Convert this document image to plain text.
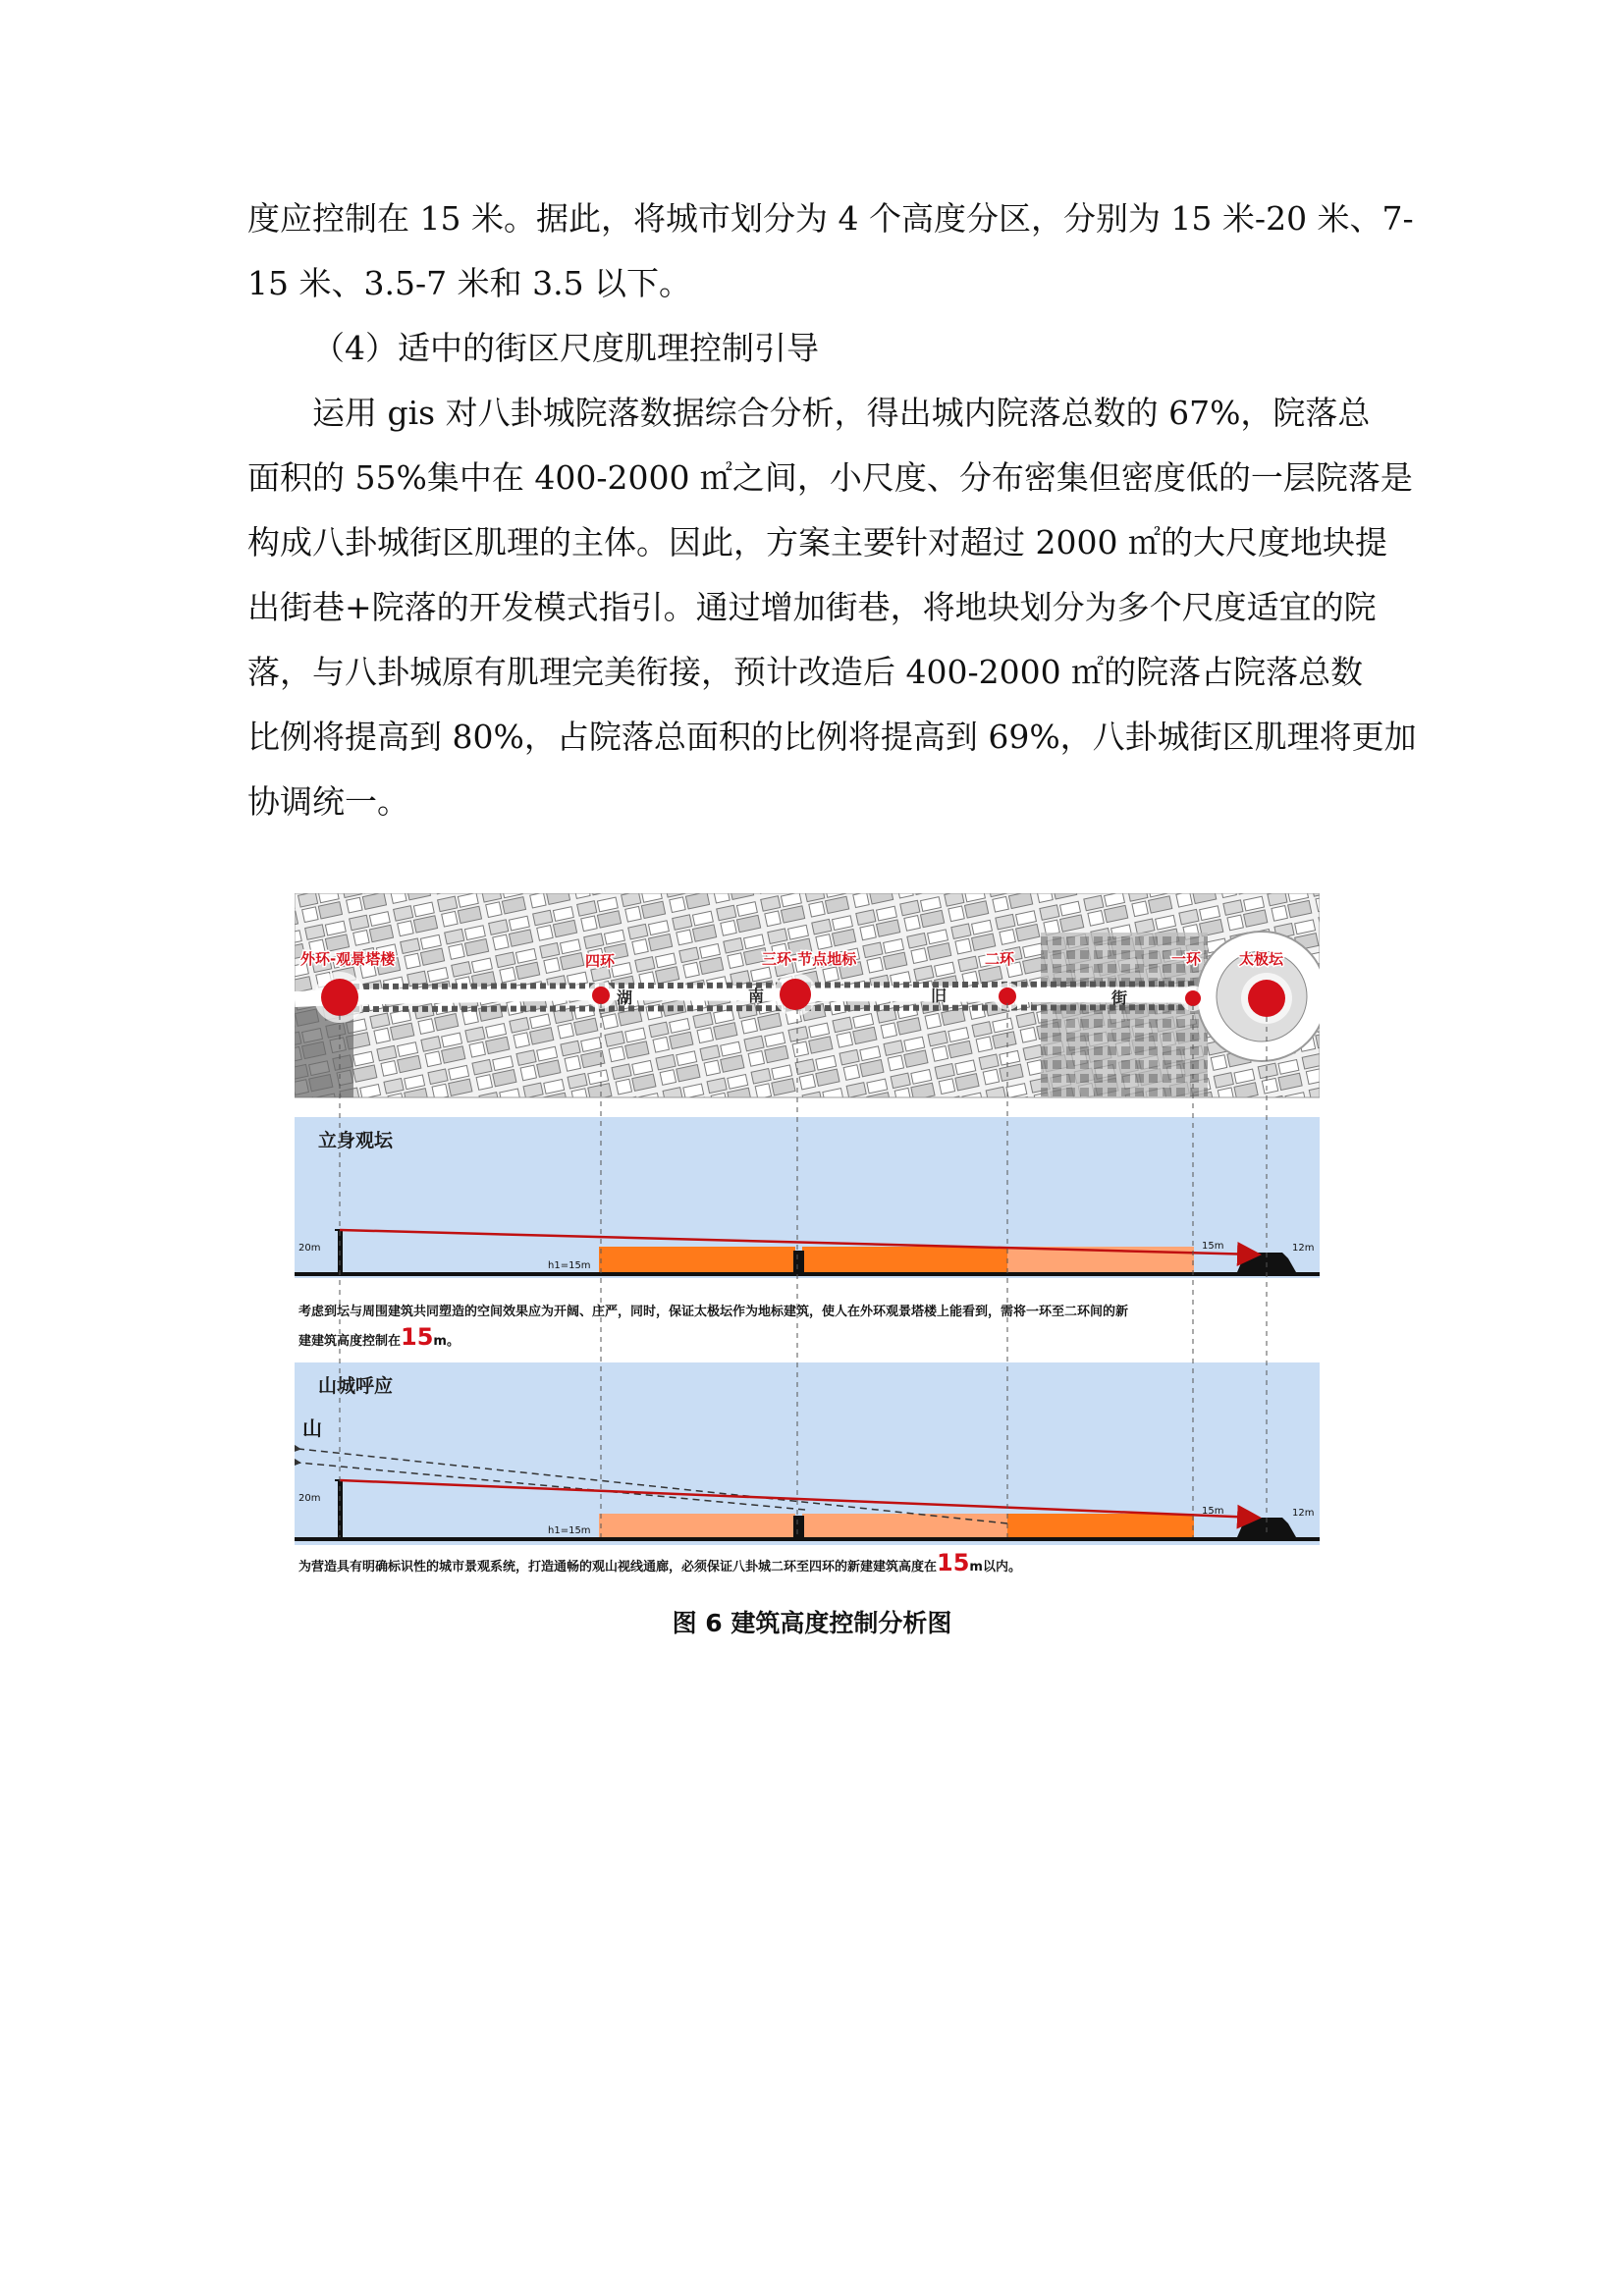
度应控制在 15 米。据此，将城市划分为 4 个高度分区，分别为 15 米-20 米、7-
15 米、3.5-7 米和 3.5 以下。
（4）适中的街区尺度肌理控制引导
运用 gis 对八卦城院落数据综合分析，得出城内院落总数的 67%，院落总
面积的 55%集中在 400-2000 ㎡之间，小尺度、分布密集但密度低的一层院落是
构成八卦城街区肌理的主体。因此，方案主要针对超过 2000 ㎡的大尺度地块提
出街巷+院落的开发模式指引。通过增加街巷，将地块划分为多个尺度适宜的院
落，与八卦城原有肌理完美衔接，预计改造后 400-2000 ㎡的院落占院落总数
比例将提高到 80%，占院落总面积的比例将提高到 69%，八卦城街区肌理将更加
协调统一。
外环-观景塔楼	四环	三环-节点地标	二环	一环	太极坛
湖	南	旧	街
立身观坛
20m
h1=15m
15m	12m
考虑到坛与周围建筑共同塑造的空间效果应为开阔、庄严，同时，保证太极坛作为地标建筑，使人在外环观景塔楼上能看到，需将一环至二环间的新
建建筑高度控制在15m。
山城呼应
山
20m
h1=15m
15m	12m
为营造具有明确标识性的城市景观系统，打造通畅的观山视线通廊，必须保证八卦城二环至四环的新建建筑高度在15m以内。
图 6 建筑高度控制分析图
